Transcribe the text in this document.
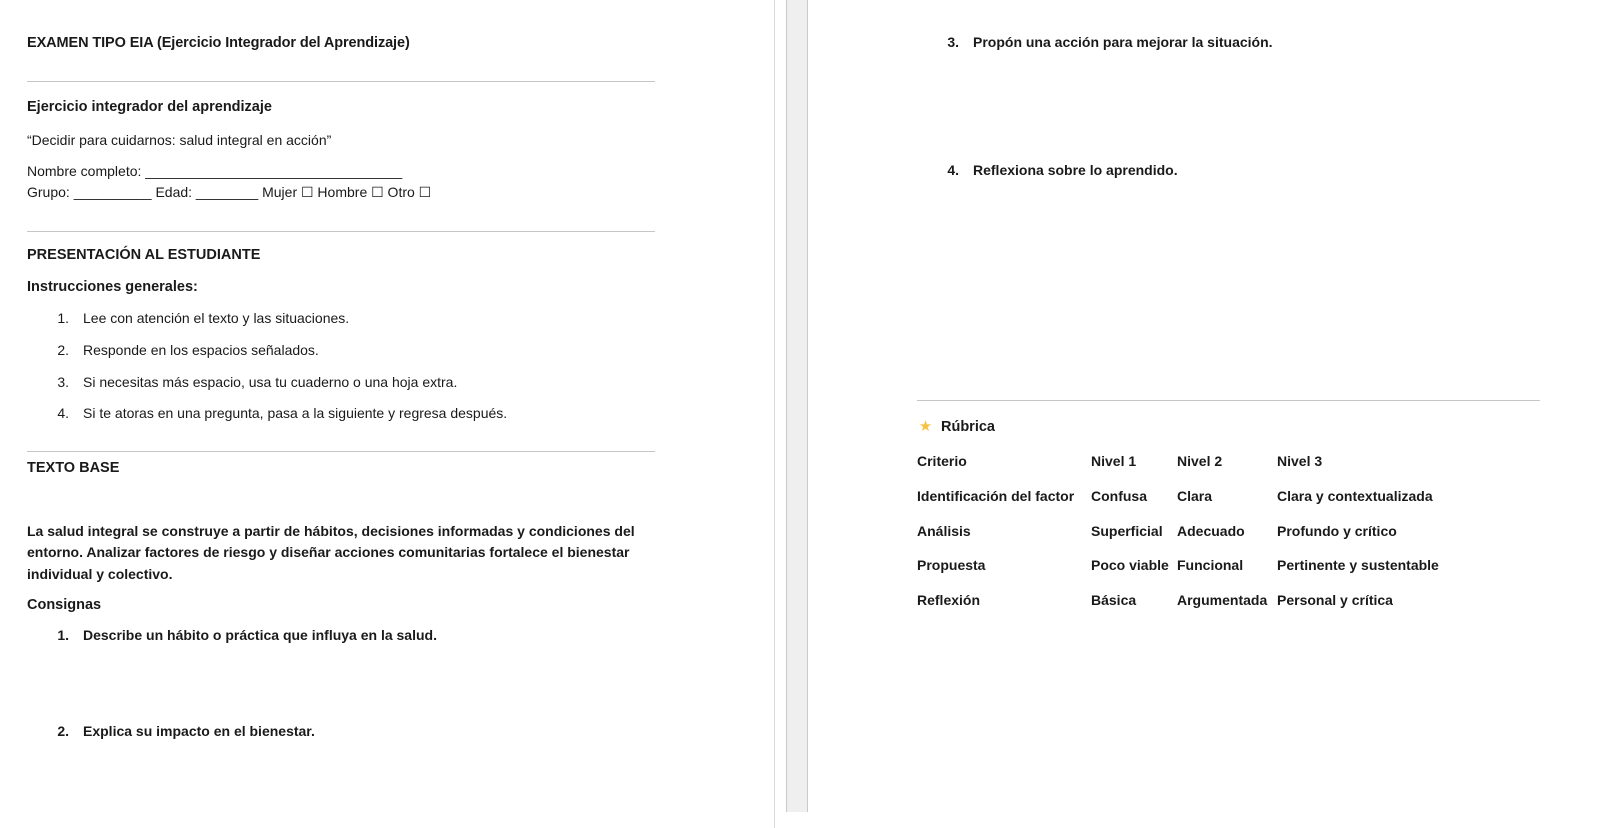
EXAMEN TIPO EIA (Ejercicio Integrador del Aprendizaje)
Ejercicio integrador del aprendizaje
“Decidir para cuidarnos: salud integral en acción”
Nombre completo: _________________________________
Grupo: __________ Edad: ________ Mujer ☐ Hombre ☐ Otro ☐
PRESENTACIÓN AL ESTUDIANTE
Instrucciones generales:
1.	Lee con atención el texto y las situaciones.
2.	Responde en los espacios señalados.
3.	Si necesitas más espacio, usa tu cuaderno o una hoja extra.
4.	Si te atoras en una pregunta, pasa a la siguiente y regresa después.
TEXTO BASE
La salud integral se construye a partir de hábitos, decisiones informadas y condiciones del entorno. Analizar factores de riesgo y diseñar acciones comunitarias fortalece el bienestar individual y colectivo.
Consignas
1.	Describe un hábito o práctica que influya en la salud.
2.	Explica su impacto en el bienestar.
3.	Propón una acción para mejorar la situación.
4.	Reflexiona sobre lo aprendido.
★ Rúbrica
Criterio	Nivel 1	Nivel 2	Nivel 3
Identificación del factor	Confusa	Clara	Clara y contextualizada
Análisis	Superficial	Adecuado	Profundo y crítico
Propuesta	Poco viable	Funcional	Pertinente y sustentable
Reflexión	Básica	Argumentada	Personal y crítica
